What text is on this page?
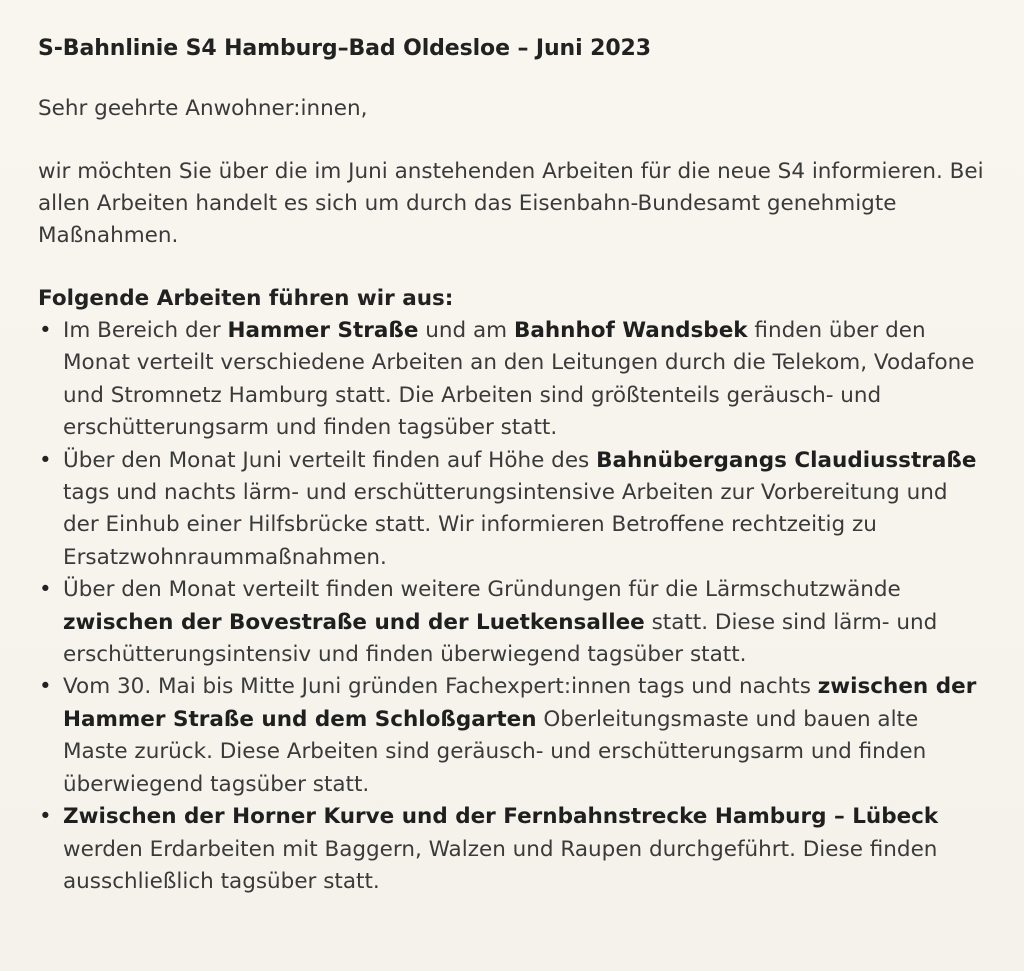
S-Bahnlinie S4 Hamburg–Bad Oldesloe – Juni 2023
Sehr geehrte Anwohner:innen,
wir möchten Sie über die im Juni anstehenden Arbeiten für die neue S4 informieren. Bei allen Arbeiten handelt es sich um durch das Eisenbahn-Bundesamt genehmigte Maßnahmen.
Folgende Arbeiten führen wir aus:
• Im Bereich der Hammer Straße und am Bahnhof Wandsbek finden über den Monat verteilt verschiedene Arbeiten an den Leitungen durch die Telekom, Vodafone und Stromnetz Hamburg statt. Die Arbeiten sind größtenteils geräusch- und erschütterungsarm und finden tagsüber statt.
• Über den Monat Juni verteilt finden auf Höhe des Bahnübergangs Claudiusstraße tags und nachts lärm- und erschütterungsintensive Arbeiten zur Vorbereitung und der Einhub einer Hilfsbrücke statt. Wir informieren Betroffene rechtzeitig zu Ersatzwohnraummaßnahmen.
• Über den Monat verteilt finden weitere Gründungen für die Lärmschutzwände zwischen der Bovestraße und der Luetkensallee statt. Diese sind lärm- und erschütterungsintensiv und finden überwiegend tagsüber statt.
• Vom 30. Mai bis Mitte Juni gründen Fachexpert:innen tags und nachts zwischen der Hammer Straße und dem Schloßgarten Oberleitungsmaste und bauen alte Maste zurück. Diese Arbeiten sind geräusch- und erschütterungsarm und finden überwiegend tagsüber statt.
• Zwischen der Horner Kurve und der Fernbahnstrecke Hamburg – Lübeck werden Erdarbeiten mit Baggern, Walzen und Raupen durchgeführt. Diese finden ausschließlich tagsüber statt.
